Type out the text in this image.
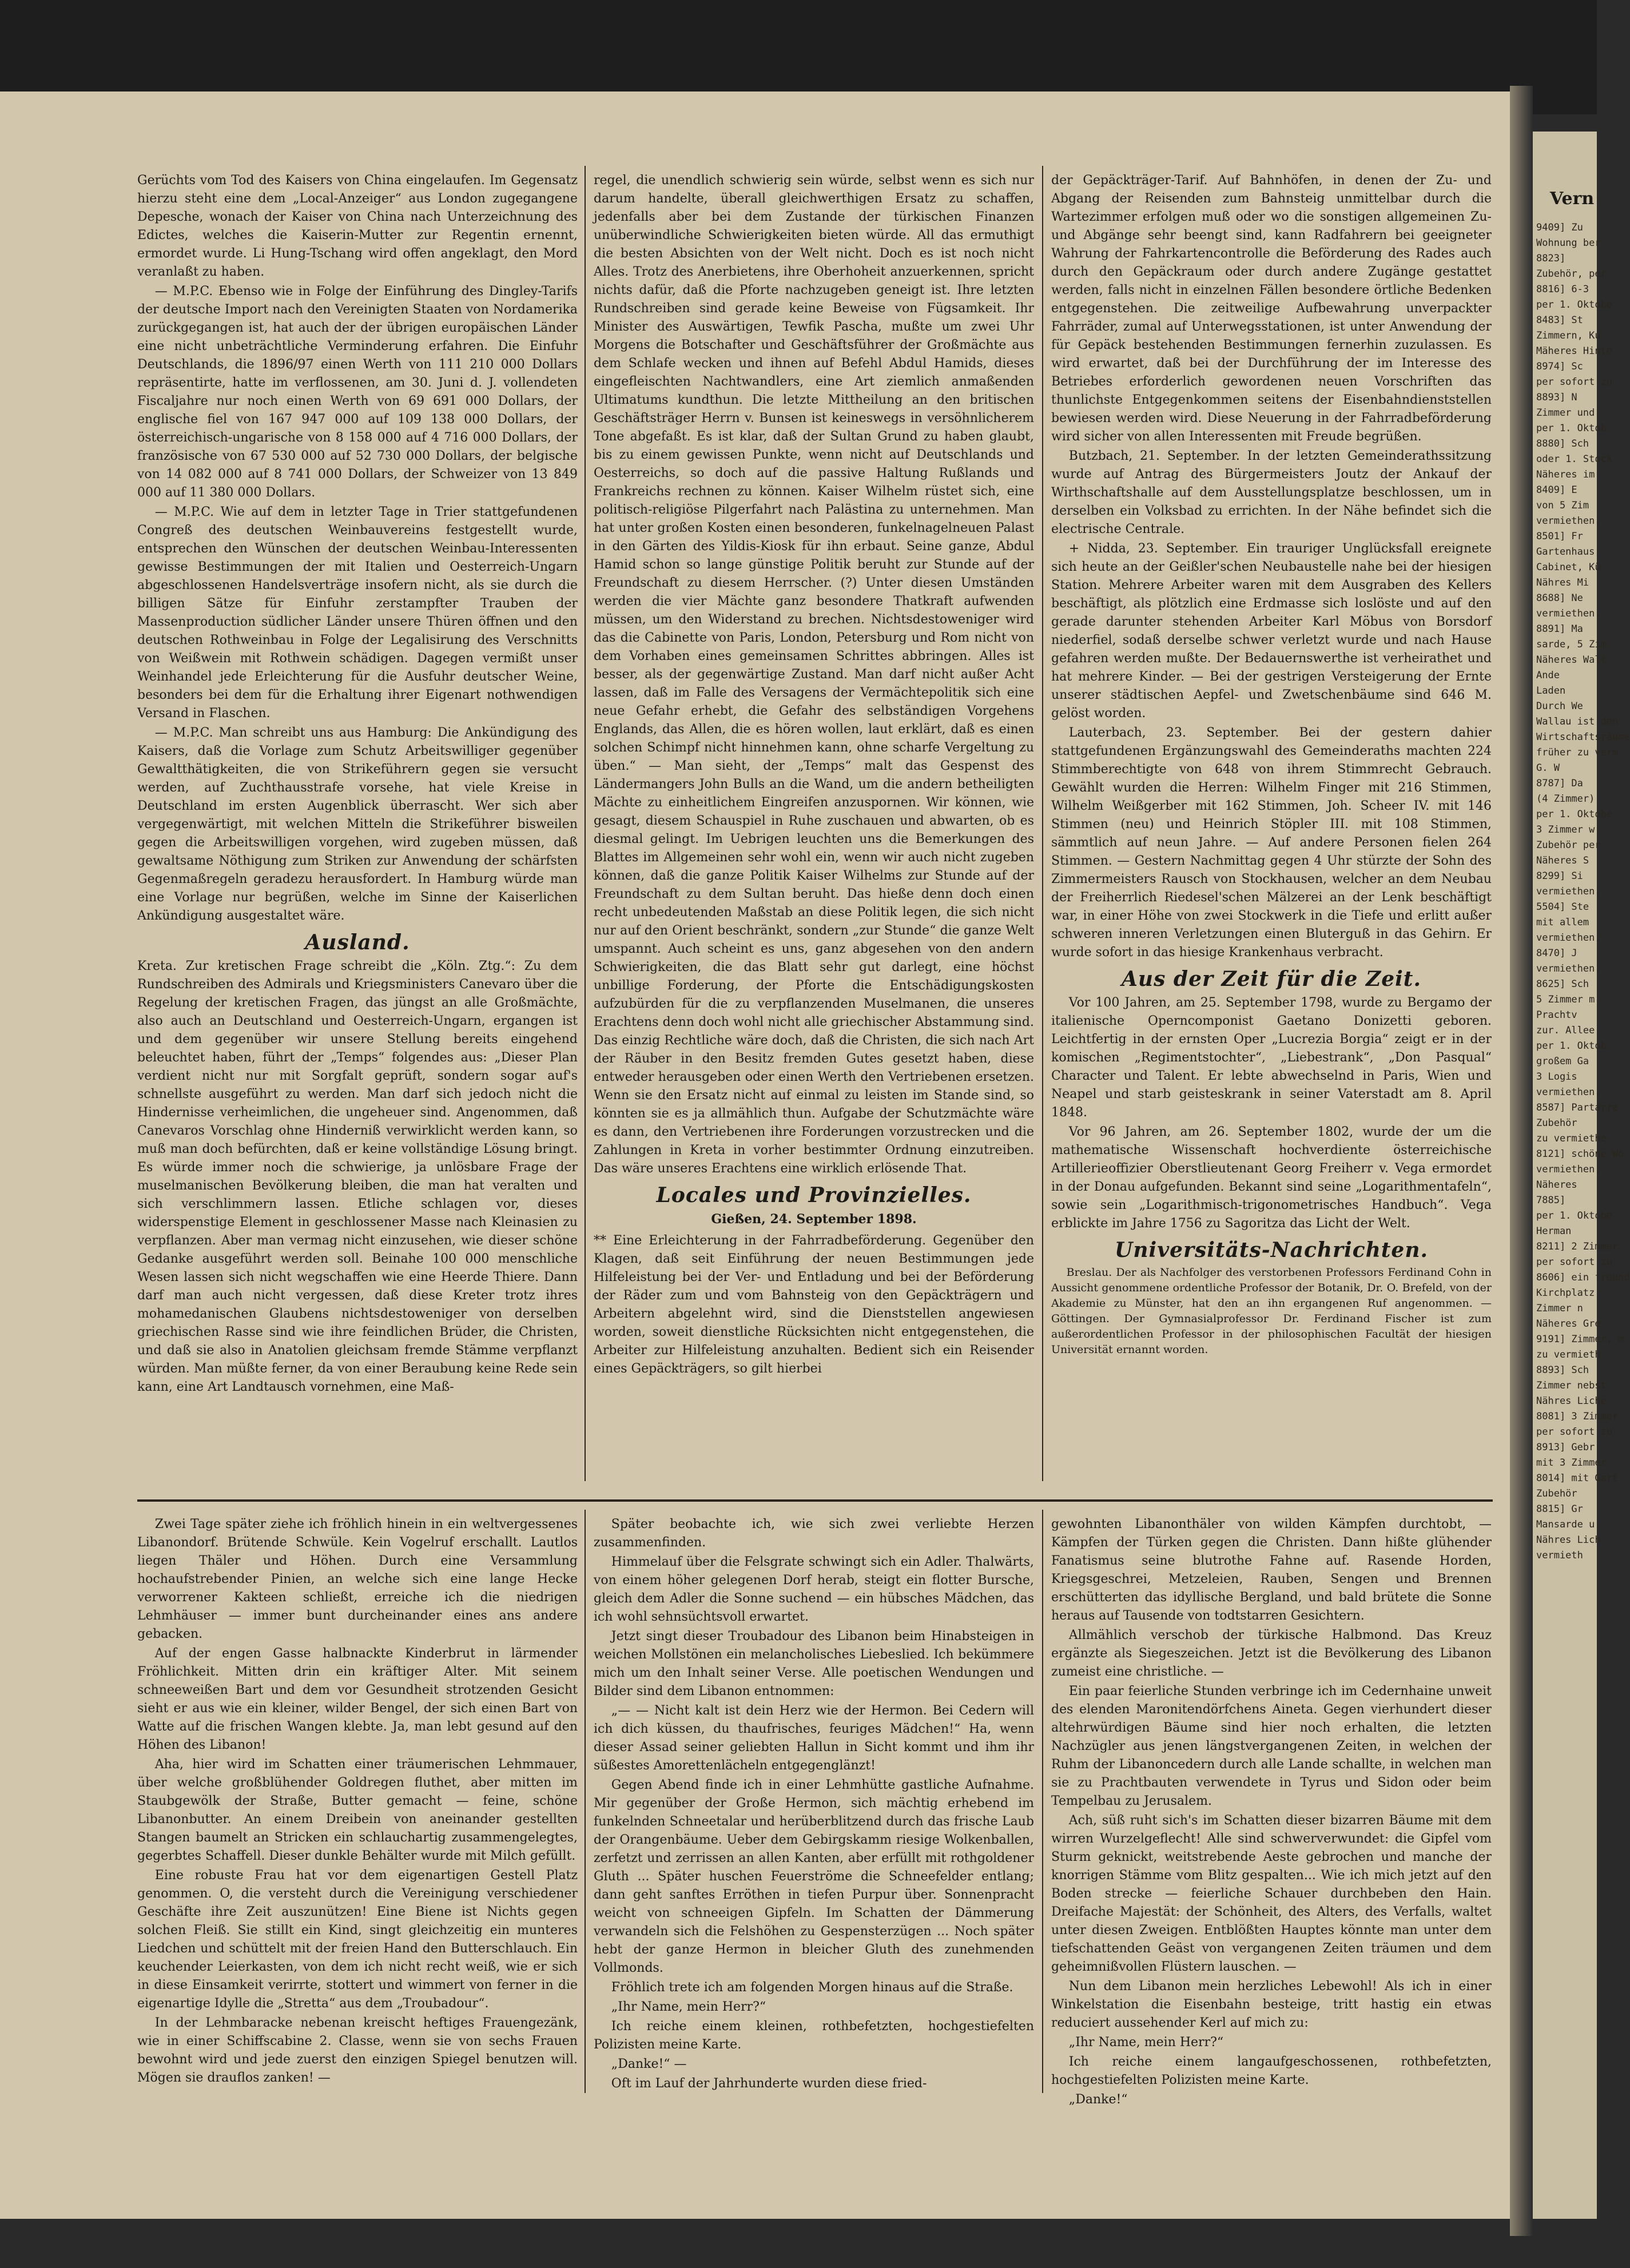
Vern
9409] Zu
Wohnung ber
8823]
Zubehör, per
8816] 6-3
per 1. Oktobe
8483] St
Zimmern, Ku
Mäheres Hinte
8974] Sc
per sofort zu
8893] N
Zimmer und
per 1. Oktob
8880] Sch
oder 1. Stock
Näheres im
8409] E
von 5 Zim
vermiethen.
8501] Fr
Gartenhaus
Cabinet, Kü
Nähres Mi
8688] Ne
vermiethen.
8891] Ma
sarde, 5 Zim
Näheres Walt
Ande
Laden
Durch We
Wallau ist den
Wirtschaftsräume
früher zu verm
G. W
8787] Da
(4 Zimmer)
per 1. Oktobe
3 Zimmer w
Zubehör per
Näheres S
8299] Si
vermiethen.
5504] Ste
mit allem
vermiethen.
8470] J
vermiethen.
8625] Sch
5 Zimmer m
Prachtv
zur. Allee
per 1. Oktob
großem Ga
3 Logis
vermiethen.
8587] Partarre
Zubehör
zu vermiethe
8121] schöne Wo
vermiethen.
Näheres
7885]
per 1. Oktobe
Herman
8211] 2 Zimmer
per sofort zu
8606] ein freund
Kirchplatz
Zimmer n
Näheres Gre
9191] Zimmer, m
zu vermieth
8893] Sch
Zimmer nebst
Nähres Liche
8081] 3 Zimmer
per sofort zu
8913] Gebr
mit 3 Zimmer
8014] mit Gart
Zubehör
8815] Gr
Mansarde u
Nähres Lich
vermieth

Gerüchts vom Tod des Kaisers von China eingelaufen. Im Gegensatz hierzu steht eine dem „Local-Anzeiger“ aus London zugegangene Depesche, wonach der Kaiser von China nach Unterzeichnung des Edictes, welches die Kaiserin-Mutter zur Regentin ernennt, ermordet wurde. Li Hung-Tschang wird offen angeklagt, den Mord veranlaßt zu haben.

— M.P.C. Ebenso wie in Folge der Einführung des Dingley-Tarifs der deutsche Import nach den Vereinigten Staaten von Nordamerika zurückgegangen ist, hat auch der der übrigen europäischen Länder eine nicht unbeträchtliche Verminderung erfahren. Die Einfuhr Deutschlands, die 1896/97 einen Werth von 111 210 000 Dollars repräsentirte, hatte im verflossenen, am 30. Juni d. J. vollendeten Fiscaljahre nur noch einen Werth von 69 691 000 Dollars, der englische fiel von 167 947 000 auf 109 138 000 Dollars, der österreichisch-ungarische von 8 158 000 auf 4 716 000 Dollars, der französische von 67 530 000 auf 52 730 000 Dollars, der belgische von 14 082 000 auf 8 741 000 Dollars, der Schweizer von 13 849 000 auf 11 380 000 Dollars.

— M.P.C. Wie auf dem in letzter Tage in Trier stattgefundenen Congreß des deutschen Weinbauvereins festgestellt wurde, entsprechen den Wünschen der deutschen Weinbau-Interessenten gewisse Bestimmungen der mit Italien und Oesterreich-Ungarn abgeschlossenen Handelsverträge insofern nicht, als sie durch die billigen Sätze für Einfuhr zerstampfter Trauben der Massenproduction südlicher Länder unsere Thüren öffnen und den deutschen Rothweinbau in Folge der Legalisirung des Verschnitts von Weißwein mit Rothwein schädigen. Dagegen vermißt unser Weinhandel jede Erleichterung für die Ausfuhr deutscher Weine, besonders bei dem für die Erhaltung ihrer Eigenart nothwendigen Versand in Flaschen.

— M.P.C. Man schreibt uns aus Hamburg: Die Ankündigung des Kaisers, daß die Vorlage zum Schutz Arbeitswilliger gegenüber Gewaltthätigkeiten, die von Strikeführern gegen sie versucht werden, auf Zuchthausstrafe vorsehe, hat viele Kreise in Deutschland im ersten Augenblick überrascht. Wer sich aber vergegenwärtigt, mit welchen Mitteln die Strikeführer bisweilen gegen die Arbeitswilligen vorgehen, wird zugeben müssen, daß gewaltsame Nöthigung zum Striken zur Anwendung der schärfsten Gegenmaßregeln geradezu herausfordert. In Hamburg würde man eine Vorlage nur begrüßen, welche im Sinne der Kaiserlichen Ankündigung ausgestaltet wäre.

Ausland.

Kreta. Zur kretischen Frage schreibt die „Köln. Ztg.“: Zu dem Rundschreiben des Admirals und Kriegsministers Canevaro über die Regelung der kretischen Fragen, das jüngst an alle Großmächte, also auch an Deutschland und Oesterreich-Ungarn, ergangen ist und dem gegenüber wir unsere Stellung bereits eingehend beleuchtet haben, führt der „Temps“ folgendes aus: „Dieser Plan verdient nicht nur mit Sorgfalt geprüft, sondern sogar auf's schnellste ausgeführt zu werden. Man darf sich jedoch nicht die Hindernisse verheimlichen, die ungeheuer sind. Angenommen, daß Canevaros Vorschlag ohne Hinderniß verwirklicht werden kann, so muß man doch befürchten, daß er keine vollständige Lösung bringt. Es würde immer noch die schwierige, ja unlösbare Frage der muselmanischen Bevölkerung bleiben, die man hat veralten und sich verschlimmern lassen. Etliche schlagen vor, dieses widerspenstige Element in geschlossener Masse nach Kleinasien zu verpflanzen. Aber man vermag nicht einzusehen, wie dieser schöne Gedanke ausgeführt werden soll. Beinahe 100 000 menschliche Wesen lassen sich nicht wegschaffen wie eine Heerde Thiere. Dann darf man auch nicht vergessen, daß diese Kreter trotz ihres mohamedanischen Glaubens nichtsdestoweniger von derselben griechischen Rasse sind wie ihre feindlichen Brüder, die Christen, und daß sie also in Anatolien gleichsam fremde Stämme verpflanzt würden. Man müßte ferner, da von einer Beraubung keine Rede sein kann, eine Art Landtausch vornehmen, eine Maß-

regel, die unendlich schwierig sein würde, selbst wenn es sich nur darum handelte, überall gleichwerthigen Ersatz zu schaffen, jedenfalls aber bei dem Zustande der türkischen Finanzen unüberwindliche Schwierigkeiten bieten würde. All das ermuthigt die besten Absichten von der Welt nicht. Doch es ist noch nicht Alles. Trotz des Anerbietens, ihre Oberhoheit anzuerkennen, spricht nichts dafür, daß die Pforte nachzugeben geneigt ist. Ihre letzten Rundschreiben sind gerade keine Beweise von Fügsamkeit. Ihr Minister des Auswärtigen, Tewfik Pascha, mußte um zwei Uhr Morgens die Botschafter und Geschäftsführer der Großmächte aus dem Schlafe wecken und ihnen auf Befehl Abdul Hamids, dieses eingefleischten Nachtwandlers, eine Art ziemlich anmaßenden Ultimatums kundthun. Die letzte Mittheilung an den britischen Geschäftsträger Herrn v. Bunsen ist keineswegs in versöhnlicherem Tone abgefaßt. Es ist klar, daß der Sultan Grund zu haben glaubt, bis zu einem gewissen Punkte, wenn nicht auf Deutschlands und Oesterreichs, so doch auf die passive Haltung Rußlands und Frankreichs rechnen zu können. Kaiser Wilhelm rüstet sich, eine politisch-religiöse Pilgerfahrt nach Palästina zu unternehmen. Man hat unter großen Kosten einen besonderen, funkelnagelneuen Palast in den Gärten des Yildis-Kiosk für ihn erbaut. Seine ganze, Abdul Hamid schon so lange günstige Politik beruht zur Stunde auf der Freundschaft zu diesem Herrscher. (?) Unter diesen Umständen werden die vier Mächte ganz besondere Thatkraft aufwenden müssen, um den Widerstand zu brechen. Nichtsdestoweniger wird das die Cabinette von Paris, London, Petersburg und Rom nicht von dem Vorhaben eines gemeinsamen Schrittes abbringen. Alles ist besser, als der gegenwärtige Zustand. Man darf nicht außer Acht lassen, daß im Falle des Versagens der Vermächtepolitik sich eine neue Gefahr erhebt, die Gefahr des selbständigen Vorgehens Englands, das Allen, die es hören wollen, laut erklärt, daß es einen solchen Schimpf nicht hinnehmen kann, ohne scharfe Vergeltung zu üben.“ — Man sieht, der „Temps“ malt das Gespenst des Ländermangers John Bulls an die Wand, um die andern betheiligten Mächte zu einheitlichem Eingreifen anzuspornen. Wir können, wie gesagt, diesem Schauspiel in Ruhe zuschauen und abwarten, ob es diesmal gelingt. Im Uebrigen leuchten uns die Bemerkungen des Blattes im Allgemeinen sehr wohl ein, wenn wir auch nicht zugeben können, daß die ganze Politik Kaiser Wilhelms zur Stunde auf der Freundschaft zu dem Sultan beruht. Das hieße denn doch einen recht unbedeutenden Maßstab an diese Politik legen, die sich nicht nur auf den Orient beschränkt, sondern „zur Stunde“ die ganze Welt umspannt. Auch scheint es uns, ganz abgesehen von den andern Schwierigkeiten, die das Blatt sehr gut darlegt, eine höchst unbillige Forderung, der Pforte die Entschädigungskosten aufzubürden für die zu verpflanzenden Muselmanen, die unseres Erachtens denn doch wohl nicht alle griechischer Abstammung sind. Das einzig Rechtliche wäre doch, daß die Christen, die sich nach Art der Räuber in den Besitz fremden Gutes gesetzt haben, diese entweder herausgeben oder einen Werth den Vertriebenen ersetzen. Wenn sie den Ersatz nicht auf einmal zu leisten im Stande sind, so könnten sie es ja allmählich thun. Aufgabe der Schutzmächte wäre es dann, den Vertriebenen ihre Forderungen vorzustrecken und die Zahlungen in Kreta in vorher bestimmter Ordnung einzutreiben. Das wäre unseres Erachtens eine wirklich erlösende That.

Locales und Provinzielles.
Gießen, 24. September 1898.

** Eine Erleichterung in der Fahrradbeförderung. Gegenüber den Klagen, daß seit Einführung der neuen Bestimmungen jede Hilfeleistung bei der Ver- und Entladung und bei der Beförderung der Räder zum und vom Bahnsteig von den Gepäckträgern und Arbeitern abgelehnt wird, sind die Dienststellen angewiesen worden, soweit dienstliche Rücksichten nicht entgegenstehen, die Arbeiter zur Hilfeleistung anzuhalten. Bedient sich ein Reisender eines Gepäckträgers, so gilt hierbei

der Gepäckträger-Tarif. Auf Bahnhöfen, in denen der Zu- und Abgang der Reisenden zum Bahnsteig unmittelbar durch die Wartezimmer erfolgen muß oder wo die sonstigen allgemeinen Zu- und Abgänge sehr beengt sind, kann Radfahrern bei geeigneter Wahrung der Fahrkartencontrolle die Beförderung des Rades auch durch den Gepäckraum oder durch andere Zugänge gestattet werden, falls nicht in einzelnen Fällen besondere örtliche Bedenken entgegenstehen. Die zeitweilige Aufbewahrung unverpackter Fahrräder, zumal auf Unterwegsstationen, ist unter Anwendung der für Gepäck bestehenden Bestimmungen fernerhin zuzulassen. Es wird erwartet, daß bei der Durchführung der im Interesse des Betriebes erforderlich gewordenen neuen Vorschriften das thunlichste Entgegenkommen seitens der Eisenbahndienststellen bewiesen werden wird. Diese Neuerung in der Fahrradbeförderung wird sicher von allen Interessenten mit Freude begrüßen.

Butzbach, 21. September. In der letzten Gemeinderathssitzung wurde auf Antrag des Bürgermeisters Joutz der Ankauf der Wirthschaftshalle auf dem Ausstellungsplatze beschlossen, um in derselben ein Volksbad zu errichten. In der Nähe befindet sich die electrische Centrale.

+ Nidda, 23. September. Ein trauriger Unglücksfall ereignete sich heute an der Geißler'schen Neubaustelle nahe bei der hiesigen Station. Mehrere Arbeiter waren mit dem Ausgraben des Kellers beschäftigt, als plötzlich eine Erdmasse sich loslöste und auf den gerade darunter stehenden Arbeiter Karl Möbus von Borsdorf niederfiel, sodaß derselbe schwer verletzt wurde und nach Hause gefahren werden mußte. Der Bedauernswerthe ist verheirathet und hat mehrere Kinder. — Bei der gestrigen Versteigerung der Ernte unserer städtischen Aepfel- und Zwetschenbäume sind 646 M. gelöst worden.

Lauterbach, 23. September. Bei der gestern dahier stattgefundenen Ergänzungswahl des Gemeinderaths machten 224 Stimmberechtigte von 648 von ihrem Stimmrecht Gebrauch. Gewählt wurden die Herren: Wilhelm Finger mit 216 Stimmen, Wilhelm Weißgerber mit 162 Stimmen, Joh. Scheer IV. mit 146 Stimmen (neu) und Heinrich Stöpler III. mit 108 Stimmen, sämmtlich auf neun Jahre. — Auf andere Personen fielen 264 Stimmen. — Gestern Nachmittag gegen 4 Uhr stürzte der Sohn des Zimmermeisters Rausch von Stockhausen, welcher an dem Neubau der Freiherrlich Riedesel'schen Mälzerei an der Lenk beschäftigt war, in einer Höhe von zwei Stockwerk in die Tiefe und erlitt außer schweren inneren Verletzungen einen Bluterguß in das Gehirn. Er wurde sofort in das hiesige Krankenhaus verbracht.

Aus der Zeit für die Zeit.

Vor 100 Jahren, am 25. September 1798, wurde zu Bergamo der italienische Operncomponist Gaetano Donizetti geboren. Leichtfertig in der ernsten Oper „Lucrezia Borgia“ zeigt er in der komischen „Regimentstochter“, „Liebestrank“, „Don Pasqual“ Character und Talent. Er lebte abwechselnd in Paris, Wien und Neapel und starb geisteskrank in seiner Vaterstadt am 8. April 1848.

Vor 96 Jahren, am 26. September 1802, wurde der um die mathematische Wissenschaft hochverdiente österreichische Artillerieoffizier Oberstlieutenant Georg Freiherr v. Vega ermordet in der Donau aufgefunden. Bekannt sind seine „Logarithmentafeln“, sowie sein „Logarithmisch-trigonometrisches Handbuch“. Vega erblickte im Jahre 1756 zu Sagoritza das Licht der Welt.

Universitäts-Nachrichten.

Breslau. Der als Nachfolger des verstorbenen Professors Ferdinand Cohn in Aussicht genommene ordentliche Professor der Botanik, Dr. O. Brefeld, von der Akademie zu Münster, hat den an ihn ergangenen Ruf angenommen. — Göttingen. Der Gymnasialprofessor Dr. Ferdinand Fischer ist zum außerordentlichen Professor in der philosophischen Facultät der hiesigen Universität ernannt worden.

Zwei Tage später ziehe ich fröhlich hinein in ein weltvergessenes Libanondorf. Brütende Schwüle. Kein Vogelruf erschallt. Lautlos liegen Thäler und Höhen. Durch eine Versammlung hochaufstrebender Pinien, an welche sich eine lange Hecke verworrener Kakteen schließt, erreiche ich die niedrigen Lehmhäuser — immer bunt durcheinander eines ans andere gebacken.

Auf der engen Gasse halbnackte Kinderbrut in lärmender Fröhlichkeit. Mitten drin ein kräftiger Alter. Mit seinem schneeweißen Bart und dem vor Gesundheit strotzenden Gesicht sieht er aus wie ein kleiner, wilder Bengel, der sich einen Bart von Watte auf die frischen Wangen klebte. Ja, man lebt gesund auf den Höhen des Libanon!

Aha, hier wird im Schatten einer träumerischen Lehmmauer, über welche großblühender Goldregen fluthet, aber mitten im Staubgewölk der Straße, Butter gemacht — feine, schöne Libanonbutter. An einem Dreibein von aneinander gestellten Stangen baumelt an Stricken ein schlauchartig zusammengelegtes, gegerbtes Schaffell. Dieser dunkle Behälter wurde mit Milch gefüllt.

Eine robuste Frau hat vor dem eigenartigen Gestell Platz genommen. O, die versteht durch die Vereinigung verschiedener Geschäfte ihre Zeit auszunützen! Eine Biene ist Nichts gegen solchen Fleiß. Sie stillt ein Kind, singt gleichzeitig ein munteres Liedchen und schüttelt mit der freien Hand den Butterschlauch. Ein keuchender Leierkasten, von dem ich nicht recht weiß, wie er sich in diese Einsamkeit verirrte, stottert und wimmert von ferner in die eigenartige Idylle die „Stretta“ aus dem „Troubadour“.

In der Lehmbaracke nebenan kreischt heftiges Frauengezänk, wie in einer Schiffscabine 2. Classe, wenn sie von sechs Frauen bewohnt wird und jede zuerst den einzigen Spiegel benutzen will. Mögen sie drauflos zanken! —

Später beobachte ich, wie sich zwei verliebte Herzen zusammenfinden.

Himmelauf über die Felsgrate schwingt sich ein Adler. Thalwärts, von einem höher gelegenen Dorf herab, steigt ein flotter Bursche, gleich dem Adler die Sonne suchend — ein hübsches Mädchen, das ich wohl sehnsüchtsvoll erwartet.

Jetzt singt dieser Troubadour des Libanon beim Hinabsteigen in weichen Mollstönen ein melancholisches Liebeslied. Ich bekümmere mich um den Inhalt seiner Verse. Alle poetischen Wendungen und Bilder sind dem Libanon entnommen:

„— — Nicht kalt ist dein Herz wie der Hermon. Bei Cedern will ich dich küssen, du thaufrisches, feuriges Mädchen!“ Ha, wenn dieser Assad seiner geliebten Hallun in Sicht kommt und ihm ihr süßestes Amorettenlächeln entgegenglänzt!

Gegen Abend finde ich in einer Lehmhütte gastliche Aufnahme. Mir gegenüber der Große Hermon, sich mächtig erhebend im funkelnden Schneetalar und herüberblitzend durch das frische Laub der Orangenbäume. Ueber dem Gebirgskamm riesige Wolkenballen, zerfetzt und zerrissen an allen Kanten, aber erfüllt mit rothgoldener Gluth ... Später huschen Feuerströme die Schneefelder entlang; dann geht sanftes Erröthen in tiefen Purpur über. Sonnenpracht weicht von schneeigen Gipfeln. Im Schatten der Dämmerung verwandeln sich die Felshöhen zu Gespensterzügen ... Noch später hebt der ganze Hermon in bleicher Gluth des zunehmenden Vollmonds.

Fröhlich trete ich am folgenden Morgen hinaus auf die Straße.

„Ihr Name, mein Herr?“

Ich reiche einem kleinen, rothbefetzten, hochgestiefelten Polizisten meine Karte.

„Danke!“ —

Oft im Lauf der Jahrhunderte wurden diese fried-

gewohnten Libanonthäler von wilden Kämpfen durchtobt, — Kämpfen der Türken gegen die Christen. Dann hißte glühender Fanatismus seine blutrothe Fahne auf. Rasende Horden, Kriegsgeschrei, Metzeleien, Rauben, Sengen und Brennen erschütterten das idyllische Bergland, und bald brütete die Sonne heraus auf Tausende von todtstarren Gesichtern.

Allmählich verschob der türkische Halbmond. Das Kreuz ergänzte als Siegeszeichen. Jetzt ist die Bevölkerung des Libanon zumeist eine christliche. —

Ein paar feierliche Stunden verbringe ich im Cedernhaine unweit des elenden Maronitendörfchens Aineta. Gegen vierhundert dieser altehrwürdigen Bäume sind hier noch erhalten, die letzten Nachzügler aus jenen längstvergangenen Zeiten, in welchen der Ruhm der Libanoncedern durch alle Lande schallte, in welchen man sie zu Prachtbauten verwendete in Tyrus und Sidon oder beim Tempelbau zu Jerusalem.

Ach, süß ruht sich's im Schatten dieser bizarren Bäume mit dem wirren Wurzelgeflecht! Alle sind schwerverwundet: die Gipfel vom Sturm geknickt, weitstrebende Aeste gebrochen und manche der knorrigen Stämme vom Blitz gespalten... Wie ich mich jetzt auf den Boden strecke — feierliche Schauer durchbeben den Hain. Dreifache Majestät: der Schönheit, des Alters, des Verfalls, waltet unter diesen Zweigen. Entblößten Hauptes könnte man unter dem tiefschattenden Geäst von vergangenen Zeiten träumen und dem geheimnißvollen Flüstern lauschen. —

Nun dem Libanon mein herzliches Lebewohl! Als ich in einer Winkelstation die Eisenbahn besteige, tritt hastig ein etwas reduciert aussehender Kerl auf mich zu:

„Ihr Name, mein Herr?“

Ich reiche einem langaufgeschossenen, rothbefetzten, hochgestiefelten Polizisten meine Karte.

„Danke!“
